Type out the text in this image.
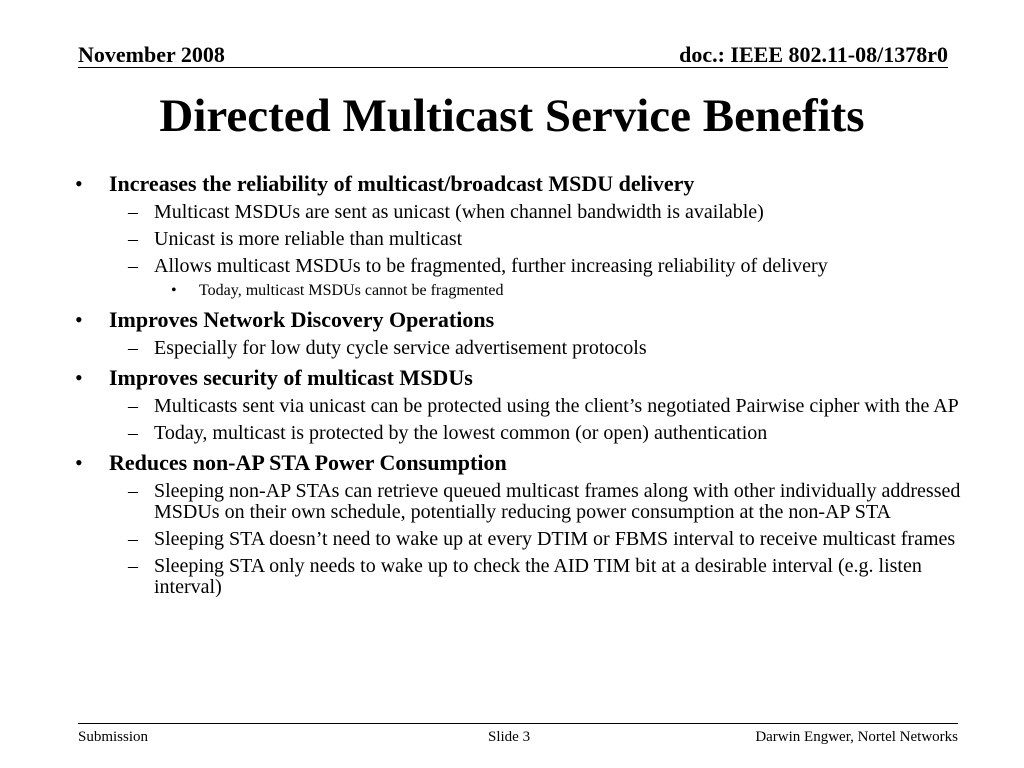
November 2008	doc.: IEEE 802.11-08/1378r0
Directed Multicast Service Benefits
• Increases the reliability of multicast/broadcast MSDU delivery
– Multicast MSDUs are sent as unicast (when channel bandwidth is available)
– Unicast is more reliable than multicast
– Allows multicast MSDUs to be fragmented, further increasing reliability of delivery
• Today, multicast MSDUs cannot be fragmented
• Improves Network Discovery Operations
– Especially for low duty cycle service advertisement protocols
• Improves security of multicast MSDUs
– Multicasts sent via unicast can be protected using the client’s negotiated Pairwise cipher with the AP
– Today, multicast is protected by the lowest common (or open) authentication
• Reduces non-AP STA Power Consumption
– Sleeping non-AP STAs can retrieve queued multicast frames along with other individually addressed MSDUs on their own schedule, potentially reducing power consumption at the non-AP STA
– Sleeping STA doesn’t need to wake up at every DTIM or FBMS interval to receive multicast frames
– Sleeping STA only needs to wake up to check the AID TIM bit at a desirable interval (e.g. listen interval)
Submission	Slide 3	Darwin Engwer, Nortel Networks
